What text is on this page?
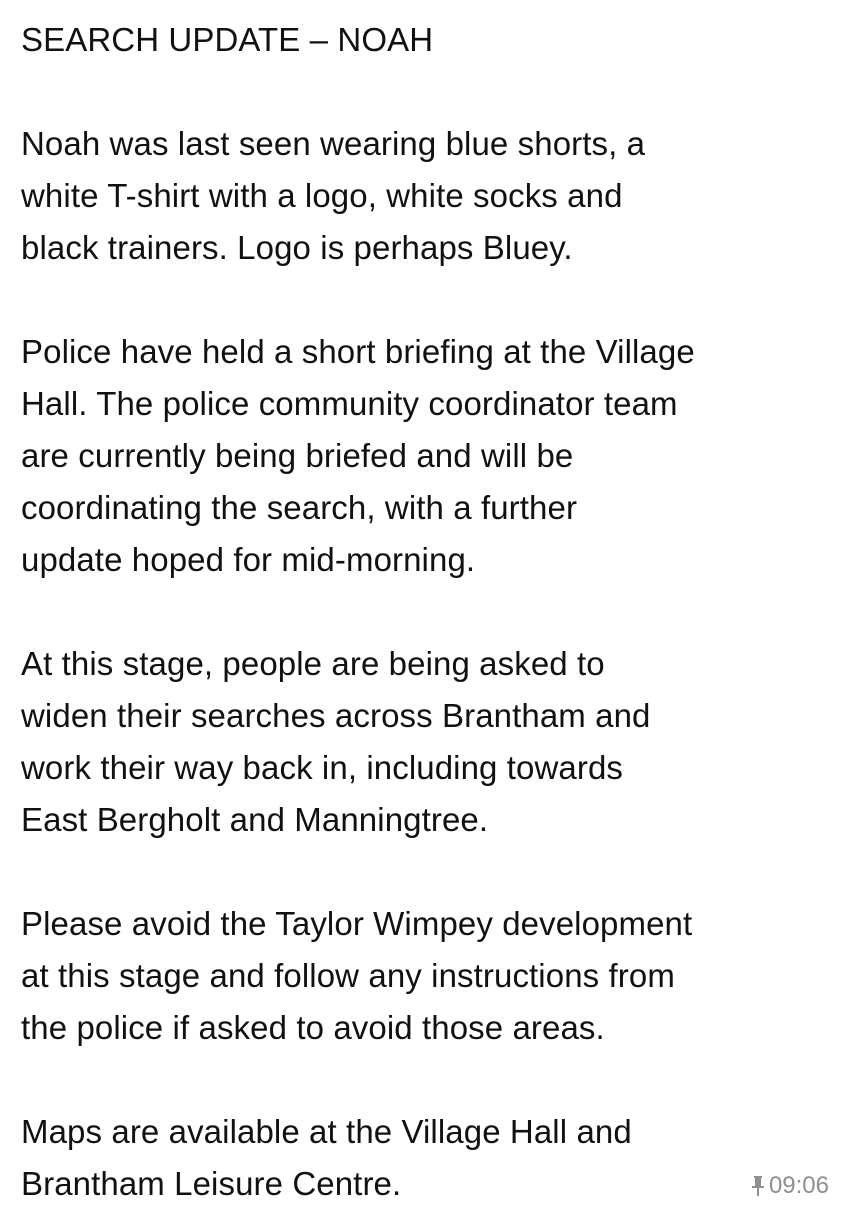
SEARCH UPDATE – NOAH
Noah was last seen wearing blue shorts, a
white T-shirt with a logo, white socks and
black trainers. Logo is perhaps Bluey.
Police have held a short briefing at the Village
Hall. The police community coordinator team
are currently being briefed and will be
coordinating the search, with a further
update hoped for mid-morning.
At this stage, people are being asked to
widen their searches across Brantham and
work their way back in, including towards
East Bergholt and Manningtree.
Please avoid the Taylor Wimpey development
at this stage and follow any instructions from
the police if asked to avoid those areas.
Maps are available at the Village Hall and
Brantham Leisure Centre.	09:06
